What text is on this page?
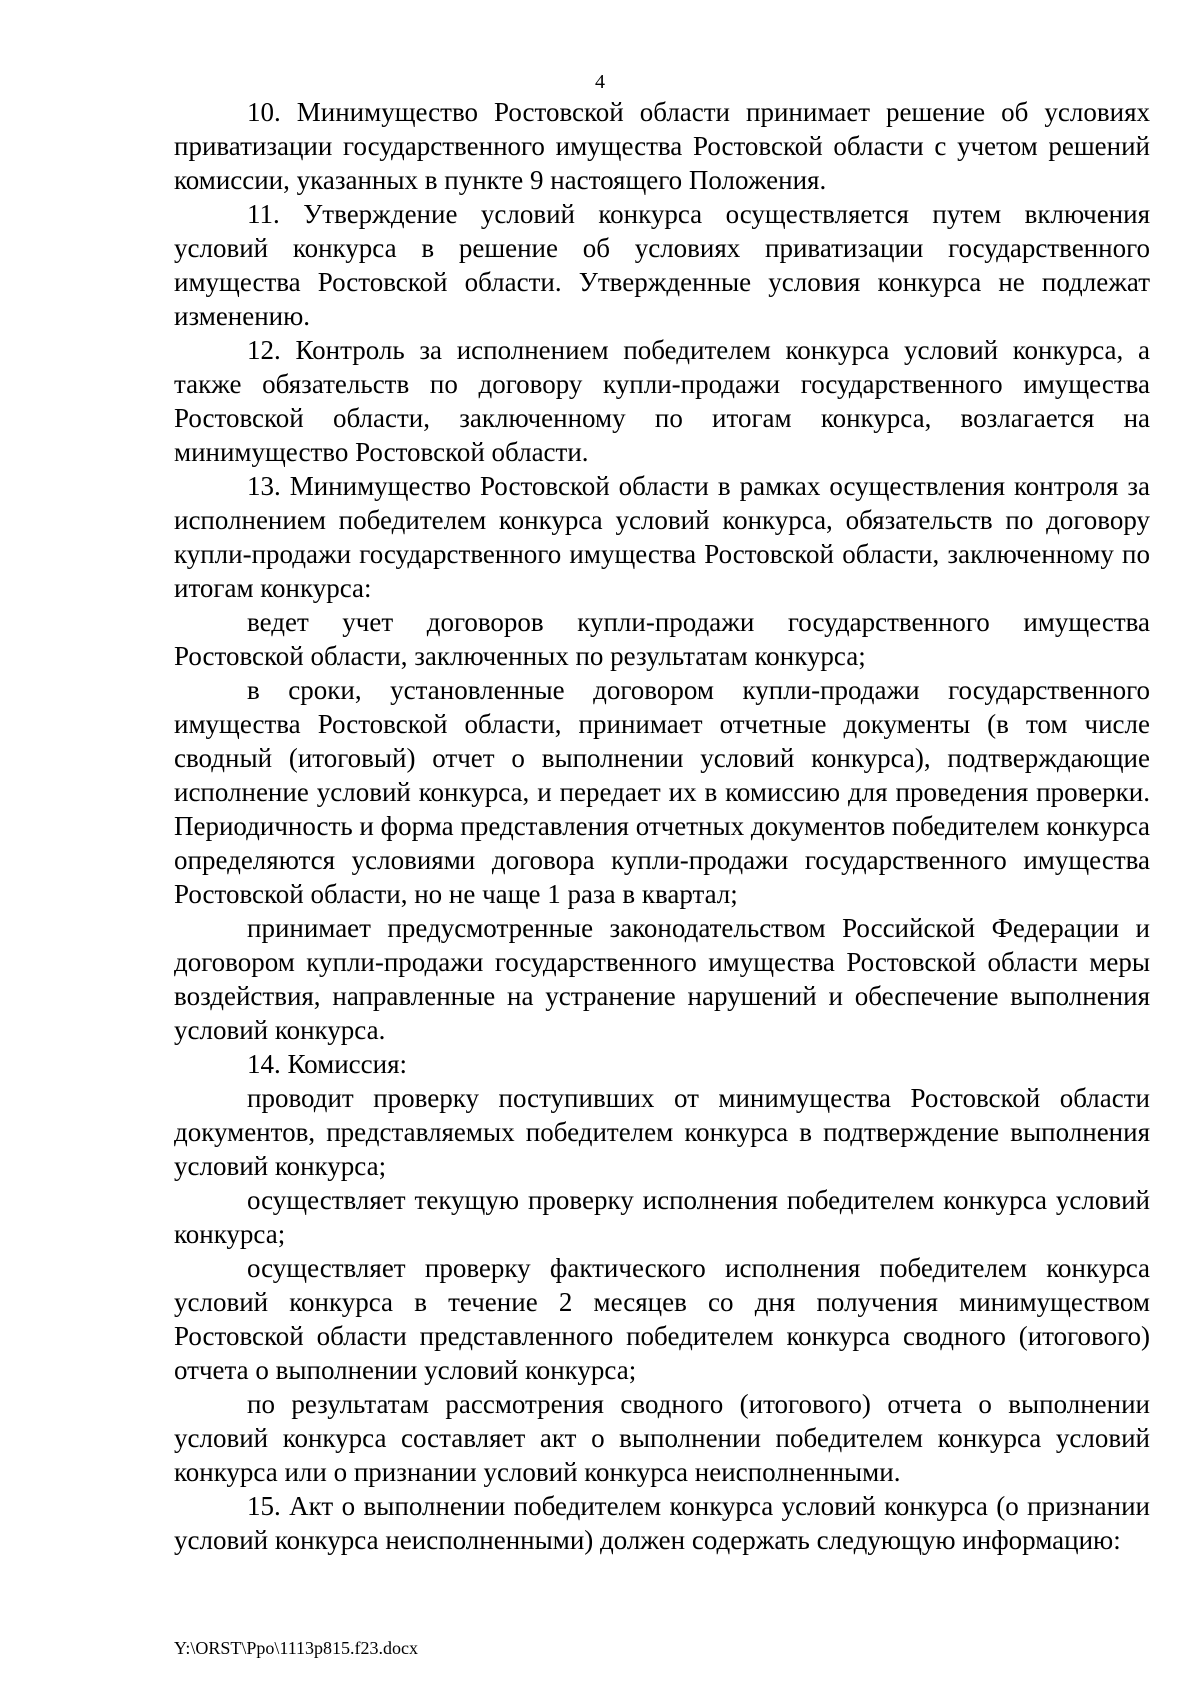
4

10. Минимущество Ростовской области принимает решение об условиях приватизации государственного имущества Ростовской области с учетом решений комиссии, указанных в пункте 9 настоящего Положения.

11. Утверждение условий конкурса осуществляется путем включения условий конкурса в решение об условиях приватизации государственного имущества Ростовской области. Утвержденные условия конкурса не подлежат изменению.

12. Контроль за исполнением победителем конкурса условий конкурса, а также обязательств по договору купли-продажи государственного имущества Ростовской области, заключенному по итогам конкурса, возлагается на минимущество Ростовской области.

13. Минимущество Ростовской области в рамках осуществления контроля за исполнением победителем конкурса условий конкурса, обязательств по договору купли-продажи государственного имущества Ростовской области, заключенному по итогам конкурса:

ведет учет договоров купли-продажи государственного имущества Ростовской области, заключенных по результатам конкурса;

в сроки, установленные договором купли-продажи государственного имущества Ростовской области, принимает отчетные документы (в том числе сводный (итоговый) отчет о выполнении условий конкурса), подтверждающие исполнение условий конкурса, и передает их в комиссию для проведения проверки. Периодичность и форма представления отчетных документов победителем конкурса определяются условиями договора купли-продажи государственного имущества Ростовской области, но не чаще 1 раза в квартал;

принимает предусмотренные законодательством Российской Федерации и договором купли-продажи государственного имущества Ростовской области меры воздействия, направленные на устранение нарушений и обеспечение выполнения условий конкурса.

14. Комиссия:

проводит проверку поступивших от минимущества Ростовской области документов, представляемых победителем конкурса в подтверждение выполнения условий конкурса;

осуществляет текущую проверку исполнения победителем конкурса условий конкурса;

осуществляет проверку фактического исполнения победителем конкурса условий конкурса в течение 2 месяцев со дня получения минимуществом Ростовской области представленного победителем конкурса сводного (итогового) отчета о выполнении условий конкурса;

по результатам рассмотрения сводного (итогового) отчета о выполнении условий конкурса составляет акт о выполнении победителем конкурса условий конкурса или о признании условий конкурса неисполненными.

15. Акт о выполнении победителем конкурса условий конкурса (о признании условий конкурса неисполненными) должен содержать следующую информацию:

Y:\ORST\Ppo\1113p815.f23.docx
